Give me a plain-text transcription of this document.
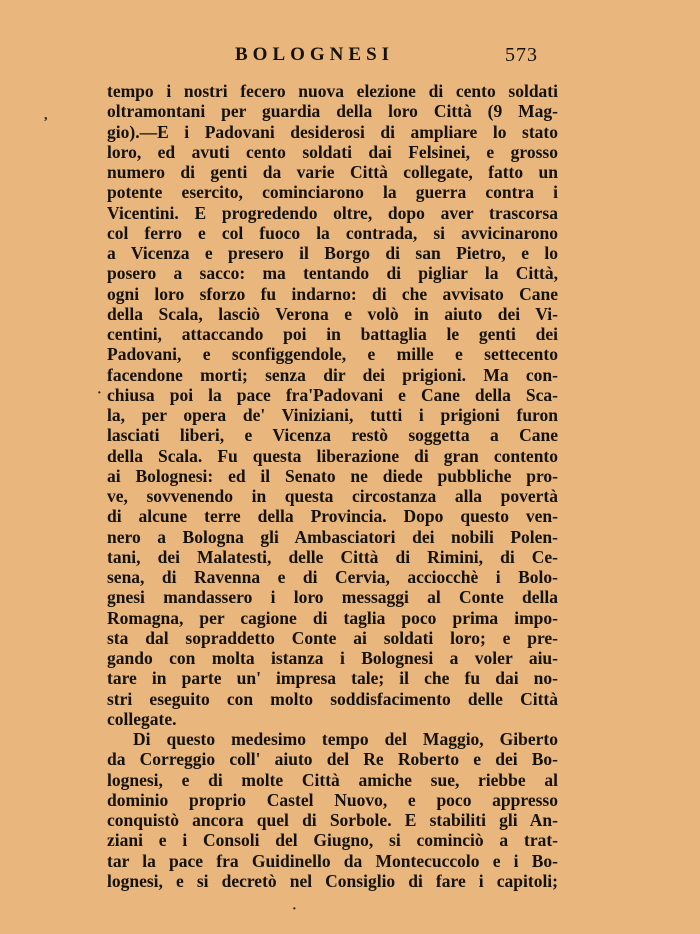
BOLOGNESI	573
,
·
·
tempo i nostri fecero nuova elezione di cento soldati
oltramontani per guardia della loro Città (9 Mag-
gio).—E i Padovani desiderosi di ampliare lo stato
loro, ed avuti cento soldati dai Felsinei, e grosso
numero di genti da varie Città collegate, fatto un
potente esercito, cominciarono la guerra contra i
Vicentini. E progredendo oltre, dopo aver trascorsa
col ferro e col fuoco la contrada, si avvicinarono
a Vicenza e presero il Borgo di san Pietro, e lo
posero a sacco: ma tentando di pigliar la Città,
ogni loro sforzo fu indarno: di che avvisato Cane
della Scala, lasciò Verona e volò in aiuto dei Vi-
centini, attaccando poi in battaglia le genti dei
Padovani, e sconfiggendole, e mille e settecento
facendone morti; senza dir dei prigioni. Ma con-
chiusa poi la pace fra'Padovani e Cane della Sca-
la, per opera de' Viniziani, tutti i prigioni furon
lasciati liberi, e Vicenza restò soggetta a Cane
della Scala. Fu questa liberazione di gran contento
ai Bolognesi: ed il Senato ne diede pubbliche pro-
ve, sovvenendo in questa circostanza alla povertà
di alcune terre della Provincia. Dopo questo ven-
nero a Bologna gli Ambasciatori dei nobili Polen-
tani, dei Malatesti, delle Città di Rimini, di Ce-
sena, di Ravenna e di Cervia, acciocchè i Bolo-
gnesi mandassero i loro messaggi al Conte della
Romagna, per cagione di taglia poco prima impo-
sta dal sopraddetto Conte ai soldati loro; e pre-
gando con molta istanza i Bolognesi a voler aiu-
tare in parte un' impresa tale; il che fu dai no-
stri eseguito con molto soddisfacimento delle Città
collegate.
Di questo medesimo tempo del Maggio, Giberto
da Correggio coll' aiuto del Re Roberto e dei Bo-
lognesi, e di molte Città amiche sue, riebbe al
dominio proprio Castel Nuovo, e poco appresso
conquistò ancora quel di Sorbole. E stabiliti gli An-
ziani e i Consoli del Giugno, si cominciò a trat-
tar la pace fra Guidinello da Montecuccolo e i Bo-
lognesi, e si decretò nel Consiglio di fare i capitoli;
